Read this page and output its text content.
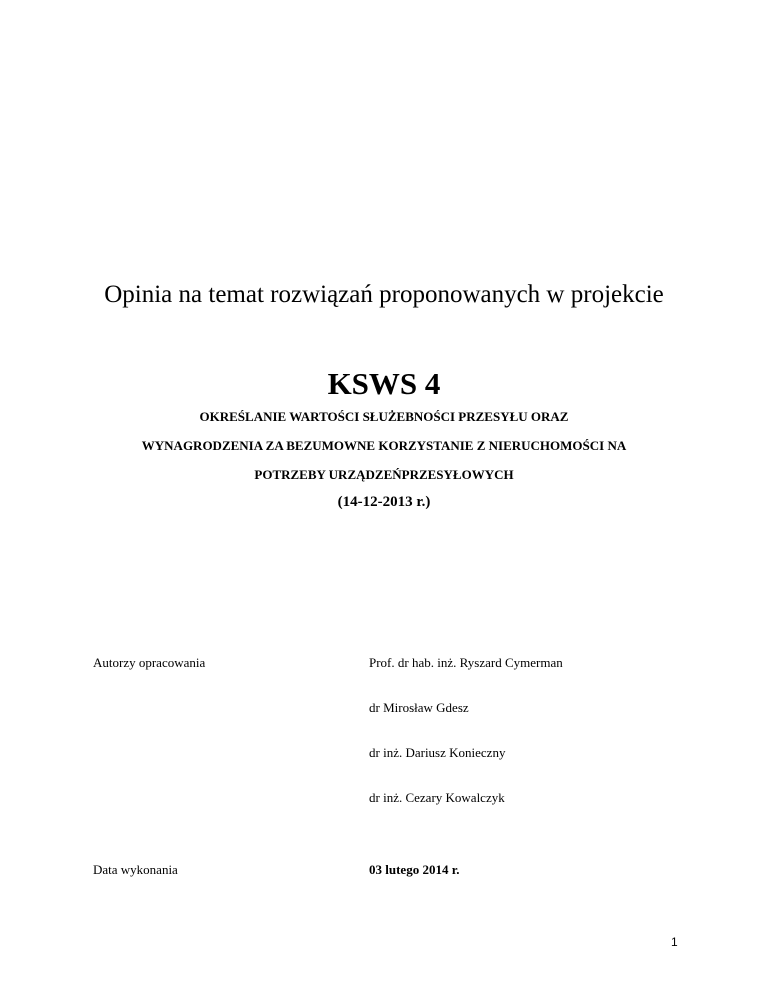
Opinia na temat rozwiązań proponowanych w projekcie
KSWS 4
OKREŚLANIE WARTOŚCI SŁUŻEBNOŚCI PRZESYŁU ORAZ
WYNAGRODZENIA ZA BEZUMOWNE KORZYSTANIE Z NIERUCHOMOŚCI NA
POTRZEBY URZĄDZEŃPRZESYŁOWYCH
(14-12-2013 r.)
Autorzy opracowania	Prof. dr hab. inż. Ryszard Cymerman
dr Mirosław Gdesz
dr inż. Dariusz Konieczny
dr inż. Cezary Kowalczyk
Data wykonania	03 lutego 2014 r.
1
